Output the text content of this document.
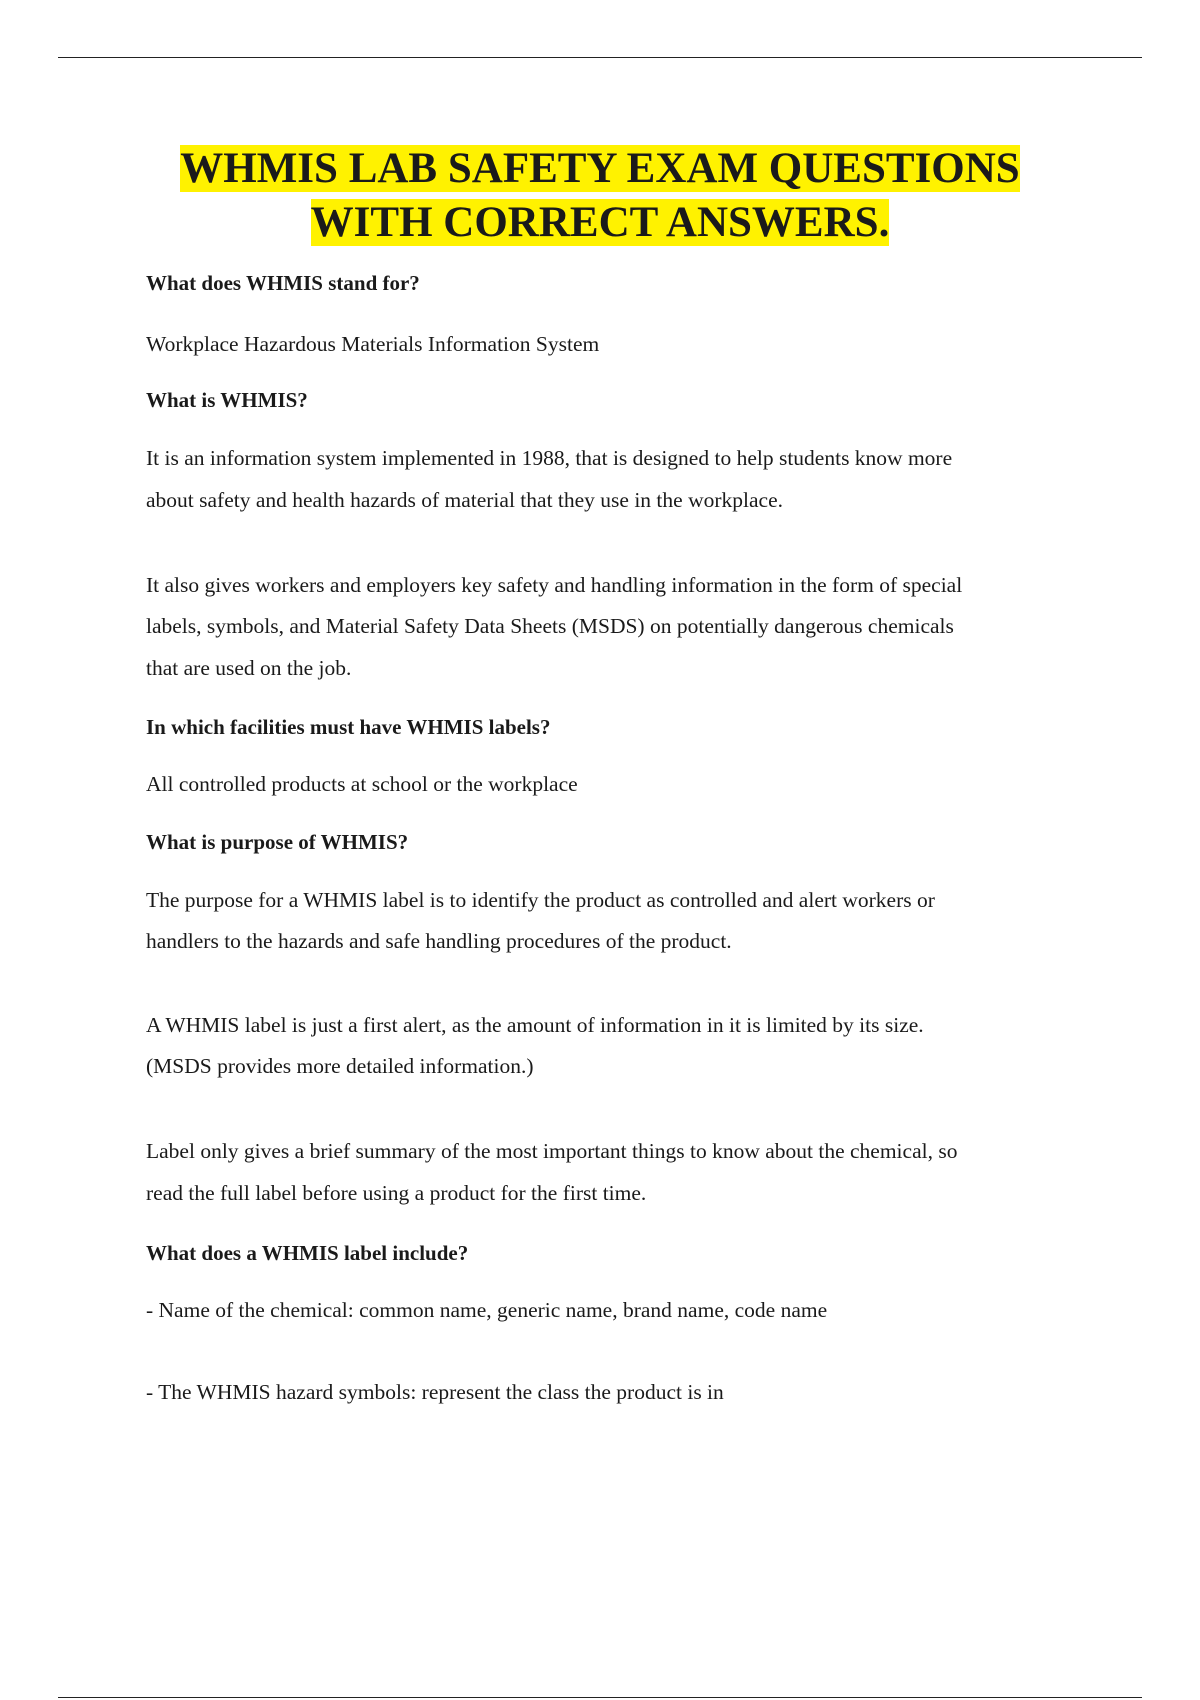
WHMIS LAB SAFETY EXAM QUESTIONS
WITH CORRECT ANSWERS.

What does WHMIS stand for?

Workplace Hazardous Materials Information System

What is WHMIS?

It is an information system implemented in 1988, that is designed to help students know more

about safety and health hazards of material that they use in the workplace.

It also gives workers and employers key safety and handling information in the form of special

labels, symbols, and Material Safety Data Sheets (MSDS) on potentially dangerous chemicals

that are used on the job.

In which facilities must have WHMIS labels?

All controlled products at school or the workplace

What is purpose of WHMIS?

The purpose for a WHMIS label is to identify the product as controlled and alert workers or

handlers to the hazards and safe handling procedures of the product.

A WHMIS label is just a first alert, as the amount of information in it is limited by its size.

(MSDS provides more detailed information.)

Label only gives a brief summary of the most important things to know about the chemical, so

read the full label before using a product for the first time.

What does a WHMIS label include?

- Name of the chemical: common name, generic name, brand name, code name

- The WHMIS hazard symbols: represent the class the product is in
